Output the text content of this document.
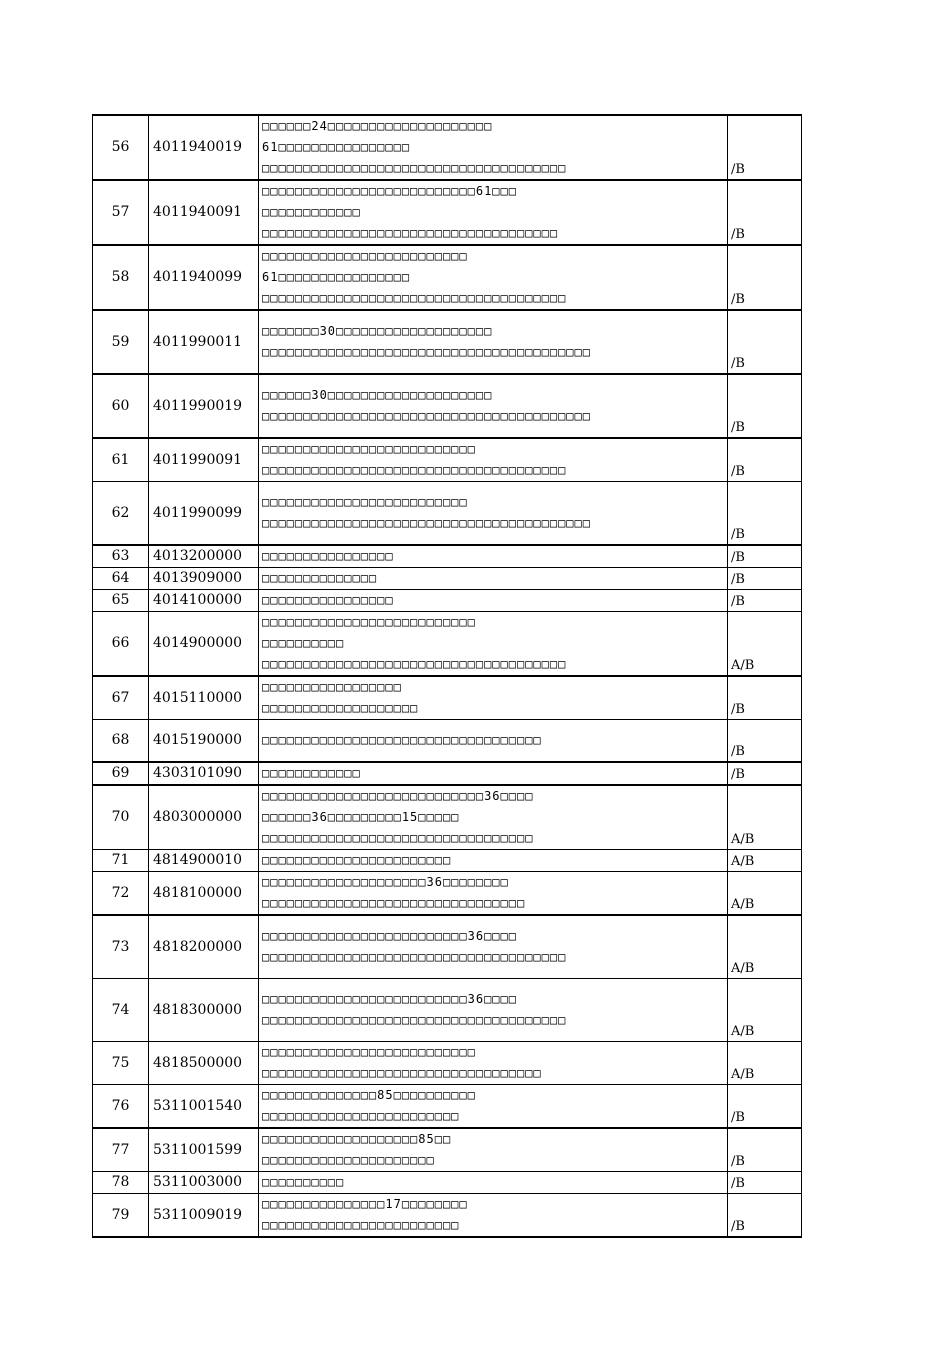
56	4011940019	□□□□□□24□□□□□□□□□□□□□□□□□□□□
61□□□□□□□□□□□□□□□□
□□□□□□□□□□□□□□□□□□□□□□□□□□□□□□□□□□□□□	/B
57	4011940091	□□□□□□□□□□□□□□□□□□□□□□□□□□61□□□
□□□□□□□□□□□□
□□□□□□□□□□□□□□□□□□□□□□□□□□□□□□□□□□□□	/B
58	4011940099	□□□□□□□□□□□□□□□□□□□□□□□□□
61□□□□□□□□□□□□□□□□
□□□□□□□□□□□□□□□□□□□□□□□□□□□□□□□□□□□□□	/B
59	4011990011	□□□□□□□30□□□□□□□□□□□□□□□□□□□
□□□□□□□□□□□□□□□□□□□□□□□□□□□□□□□□□□□□□□□□	/B
60	4011990019	□□□□□□30□□□□□□□□□□□□□□□□□□□□
□□□□□□□□□□□□□□□□□□□□□□□□□□□□□□□□□□□□□□□□	/B
61	4011990091	□□□□□□□□□□□□□□□□□□□□□□□□□□
□□□□□□□□□□□□□□□□□□□□□□□□□□□□□□□□□□□□□	/B
62	4011990099	□□□□□□□□□□□□□□□□□□□□□□□□□
□□□□□□□□□□□□□□□□□□□□□□□□□□□□□□□□□□□□□□□□	/B
63	4013200000	□□□□□□□□□□□□□□□□	/B
64	4013909000	□□□□□□□□□□□□□□	/B
65	4014100000	□□□□□□□□□□□□□□□□	/B
66	4014900000	□□□□□□□□□□□□□□□□□□□□□□□□□□
□□□□□□□□□□
□□□□□□□□□□□□□□□□□□□□□□□□□□□□□□□□□□□□□	A/B
67	4015110000	□□□□□□□□□□□□□□□□□
□□□□□□□□□□□□□□□□□□□	/B
68	4015190000	□□□□□□□□□□□□□□□□□□□□□□□□□□□□□□□□□□	/B
69	4303101090	□□□□□□□□□□□□	/B
70	4803000000	□□□□□□□□□□□□□□□□□□□□□□□□□□□36□□□□
□□□□□□36□□□□□□□□□15□□□□□
□□□□□□□□□□□□□□□□□□□□□□□□□□□□□□□□□	A/B
71	4814900010	□□□□□□□□□□□□□□□□□□□□□□□	A/B
72	4818100000	□□□□□□□□□□□□□□□□□□□□36□□□□□□□□
□□□□□□□□□□□□□□□□□□□□□□□□□□□□□□□□	A/B
73	4818200000	□□□□□□□□□□□□□□□□□□□□□□□□□36□□□□
□□□□□□□□□□□□□□□□□□□□□□□□□□□□□□□□□□□□□	A/B
74	4818300000	□□□□□□□□□□□□□□□□□□□□□□□□□36□□□□
□□□□□□□□□□□□□□□□□□□□□□□□□□□□□□□□□□□□□	A/B
75	4818500000	□□□□□□□□□□□□□□□□□□□□□□□□□□
□□□□□□□□□□□□□□□□□□□□□□□□□□□□□□□□□□	A/B
76	5311001540	□□□□□□□□□□□□□□85□□□□□□□□□□
□□□□□□□□□□□□□□□□□□□□□□□□	/B
77	5311001599	□□□□□□□□□□□□□□□□□□□85□□
□□□□□□□□□□□□□□□□□□□□□	/B
78	5311003000	□□□□□□□□□□	/B
79	5311009019	□□□□□□□□□□□□□□□17□□□□□□□□
□□□□□□□□□□□□□□□□□□□□□□□□	/B
